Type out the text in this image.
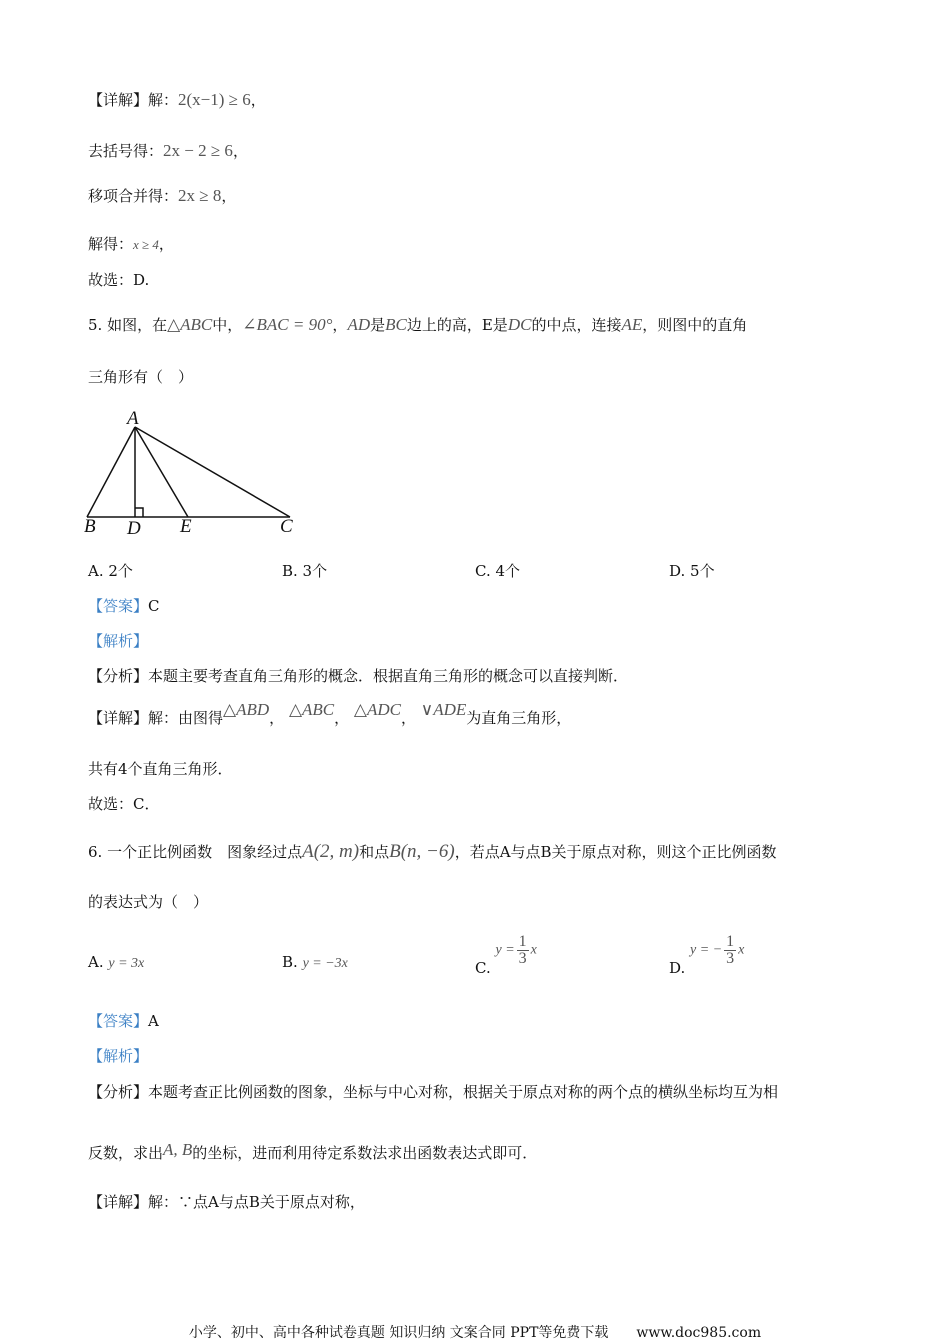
【详解】解：2(x−1) ≥ 6，
去括号得：2x − 2 ≥ 6，
移项合并得：2x ≥ 8，
解得：x ≥ 4，
故选：D.
5. 如图，在△ABC中，∠BAC = 90°，AD是BC边上的高，E是DC的中点，连接AE，则图中的直角
三角形有（　）
A
B D E	C
A. 2个	B. 3个	C. 4个	D. 5个
【答案】C
【解析】
【分析】本题主要考查直角三角形的概念．根据直角三角形的概念可以直接判断．
【详解】解：由图得△ABD， △ABC， △ADC， ∨ADE为直角三角形，
共有4个直角三角形．
故选：C．
6. 一个正比例函数　图象经过点A(2, m)和点B(n, −6)，若点A与点B关于原点对称，则这个正比例函数
的表达式为（　）
A. y = 3x	B. y = −3x	C. $y = \frac{1}{3}$ x
D. y = − $\frac{1}{3}$ x
【答案】A
【解析】
【分析】本题考查正比例函数的图象，坐标与中心对称，根据关于原点对称的两个点的横纵坐标均互为相
反数，求出A, B的坐标，进而利用待定系数法求出函数表达式即可．
【详解】解：∵点A与点B关于原点对称，
小学、初中、高中各种试卷真题 知识归纳 文案合同 PPT等免费下载　　www.doc985.com
